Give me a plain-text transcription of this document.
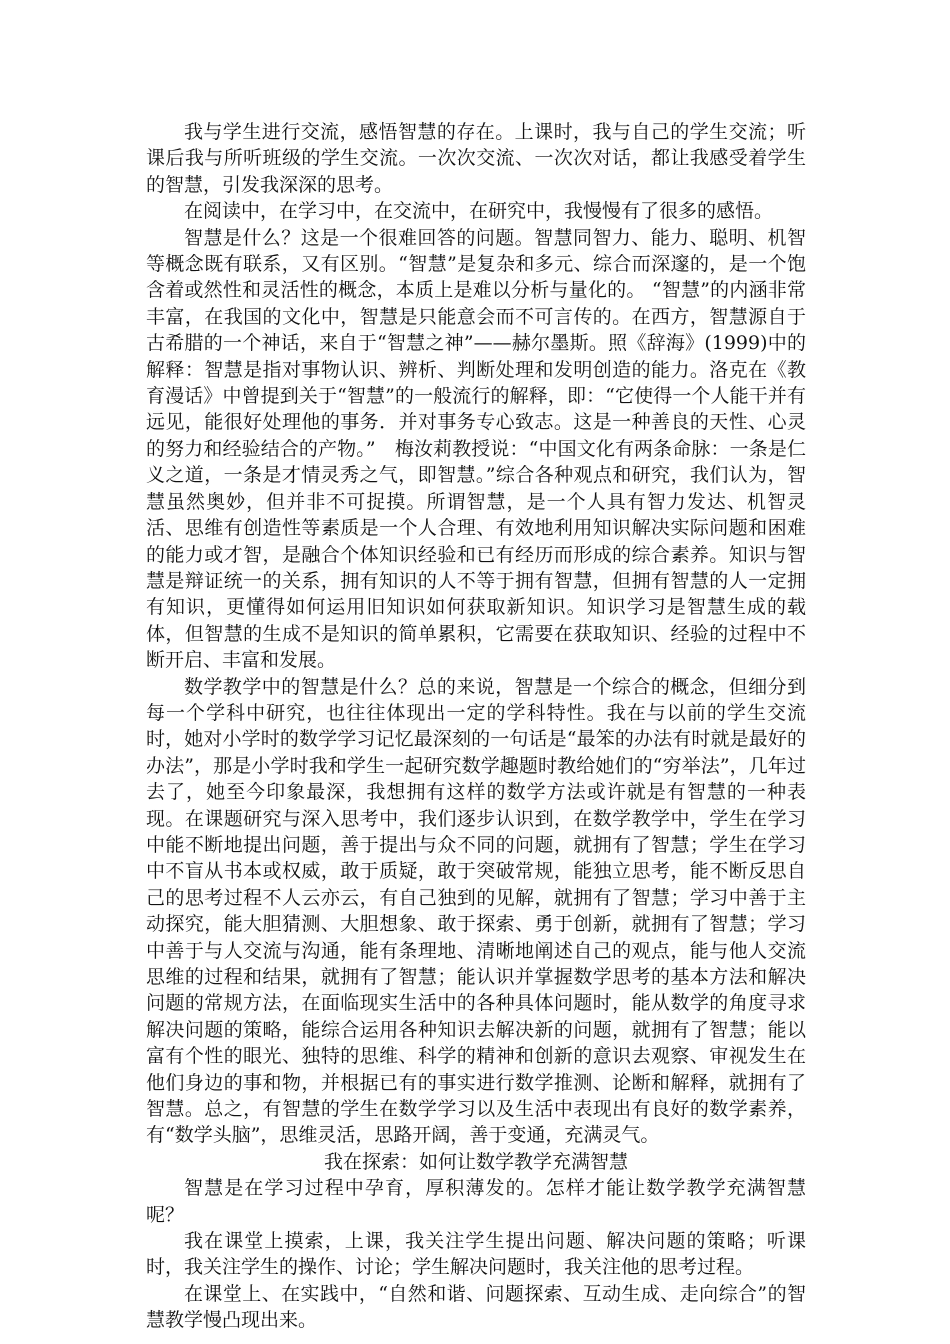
我与学生进行交流，感悟智慧的存在。上课时，我与自己的学生交流；听课后我与所听班级的学生交流。一次次交流、一次次对话，都让我感受着学生的智慧，引发我深深的思考。

在阅读中，在学习中，在交流中，在研究中，我慢慢有了很多的感悟。

智慧是什么？这是一个很难回答的问题。智慧同智力、能力、聪明、机智等概念既有联系，又有区别。“智慧”是复杂和多元、综合而深邃的，是一个饱含着或然性和灵活性的概念，本质上是难以分析与量化的。 “智慧”的内涵非常丰富，在我国的文化中，智慧是只能意会而不可言传的。在西方，智慧源自于古希腊的一个神话，来自于“智慧之神”——赫尔墨斯。照《辞海》(1999)中的解释：智慧是指对事物认识、辨析、判断处理和发明创造的能力。洛克在《教育漫话》中曾提到关于“智慧”的一般流行的解释，即：“它使得一个人能干并有远见，能很好处理他的事务．并对事务专心致志。这是一种善良的天性、心灵的努力和经验结合的产物。”　梅汝莉教授说：“中国文化有两条命脉：一条是仁义之道，一条是才情灵秀之气，即智慧。”综合各种观点和研究，我们认为，智慧虽然奥妙，但并非不可捉摸。所谓智慧，是一个人具有智力发达、机智灵活、思维有创造性等素质是一个人合理、有效地利用知识解决实际问题和困难的能力或才智，是融合个体知识经验和已有经历而形成的综合素养。知识与智慧是辩证统一的关系，拥有知识的人不等于拥有智慧，但拥有智慧的人一定拥有知识，更懂得如何运用旧知识如何获取新知识。知识学习是智慧生成的载体，但智慧的生成不是知识的简单累积，它需要在获取知识、经验的过程中不断开启、丰富和发展。

数学教学中的智慧是什么？总的来说，智慧是一个综合的概念，但细分到每一个学科中研究，也往往体现出一定的学科特性。我在与以前的学生交流时，她对小学时的数学学习记忆最深刻的一句话是“最笨的办法有时就是最好的办法”，那是小学时我和学生一起研究数学趣题时教给她们的“穷举法”，几年过去了，她至今印象最深，我想拥有这样的数学方法或许就是有智慧的一种表现。在课题研究与深入思考中，我们逐步认识到，在数学教学中，学生在学习中能不断地提出问题，善于提出与众不同的问题，就拥有了智慧；学生在学习中不盲从书本或权威，敢于质疑，敢于突破常规，能独立思考，能不断反思自己的思考过程不人云亦云，有自己独到的见解，就拥有了智慧；学习中善于主动探究，能大胆猜测、大胆想象、敢于探索、勇于创新，就拥有了智慧；学习中善于与人交流与沟通，能有条理地、清晰地阐述自己的观点，能与他人交流思维的过程和结果，就拥有了智慧；能认识并掌握数学思考的基本方法和解决问题的常规方法，在面临现实生活中的各种具体问题时，能从数学的角度寻求解决问题的策略，能综合运用各种知识去解决新的问题，就拥有了智慧；能以富有个性的眼光、独特的思维、科学的精神和创新的意识去观察、审视发生在他们身边的事和物，并根据已有的事实进行数学推测、论断和解释，就拥有了智慧。总之，有智慧的学生在数学学习以及生活中表现出有良好的数学素养，有“数学头脑”，思维灵活，思路开阔，善于变通，充满灵气。

我在探索：如何让数学教学充满智慧

智慧是在学习过程中孕育，厚积薄发的。怎样才能让数学教学充满智慧呢？

我在课堂上摸索，上课，我关注学生提出问题、解决问题的策略；听课时，我关注学生的操作、讨论；学生解决问题时，我关注他的思考过程。

在课堂上、在实践中，“自然和谐、问题探索、互动生成、走向综合”的智慧教学慢凸现出来。
